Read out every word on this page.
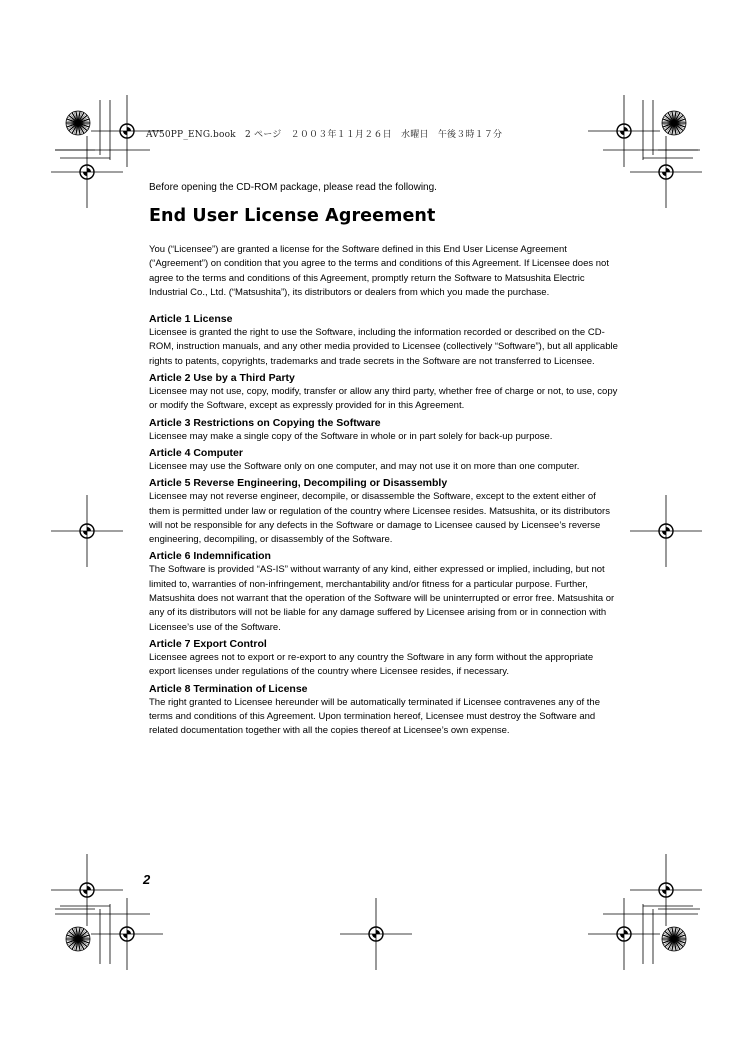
AV50PP_ENG.book　2 ページ　２００３年１１月２６日　水曜日　午後３時１７分

Before opening the CD-ROM package, please read the following.

End User License Agreement

You (“Licensee”) are granted a license for the Software defined in this End User License Agreement (“Agreement”) on condition that you agree to the terms and conditions of this Agreement. If Licensee does not agree to the terms and conditions of this Agreement, promptly return the Software to Matsushita Electric Industrial Co., Ltd. (“Matsushita”), its distributors or dealers from which you made the purchase.

Article 1 License

Licensee is granted the right to use the Software, including the information recorded or described on the CD-ROM, instruction manuals, and any other media provided to Licensee (collectively “Software”), but all applicable rights to patents, copyrights, trademarks and trade secrets in the Software are not transferred to Licensee.

Article 2 Use by a Third Party

Licensee may not use, copy, modify, transfer or allow any third party, whether free of charge or not, to use, copy or modify the Software, except as expressly provided for in this Agreement.

Article 3 Restrictions on Copying the Software

Licensee may make a single copy of the Software in whole or in part solely for back-up purpose.

Article 4 Computer

Licensee may use the Software only on one computer, and may not use it on more than one computer.

Article 5 Reverse Engineering, Decompiling or Disassembly

Licensee may not reverse engineer, decompile, or disassemble the Software, except to the extent either of them is permitted under law or regulation of the country where Licensee resides. Matsushita, or its distributors will not be responsible for any defects in the Software or damage to Licensee caused by Licensee’s reverse engineering, decompiling, or disassembly of the Software.

Article 6 Indemnification

The Software is provided “AS-IS” without warranty of any kind, either expressed or implied, including, but not limited to, warranties of non-infringement, merchantability and/or fitness for a particular purpose. Further, Matsushita does not warrant that the operation of the Software will be uninterrupted or error free. Matsushita or any of its distributors will not be liable for any damage suffered by Licensee arising from or in connection with Licensee’s use of the Software.

Article 7 Export Control

Licensee agrees not to export or re-export to any country the Software in any form without the appropriate export licenses under regulations of the country where Licensee resides, if necessary.

Article 8 Termination of License

The right granted to Licensee hereunder will be automatically terminated if Licensee contravenes any of the terms and conditions of this Agreement. Upon termination hereof, Licensee must destroy the Software and related documentation together with all the copies thereof at Licensee’s own expense.

2
